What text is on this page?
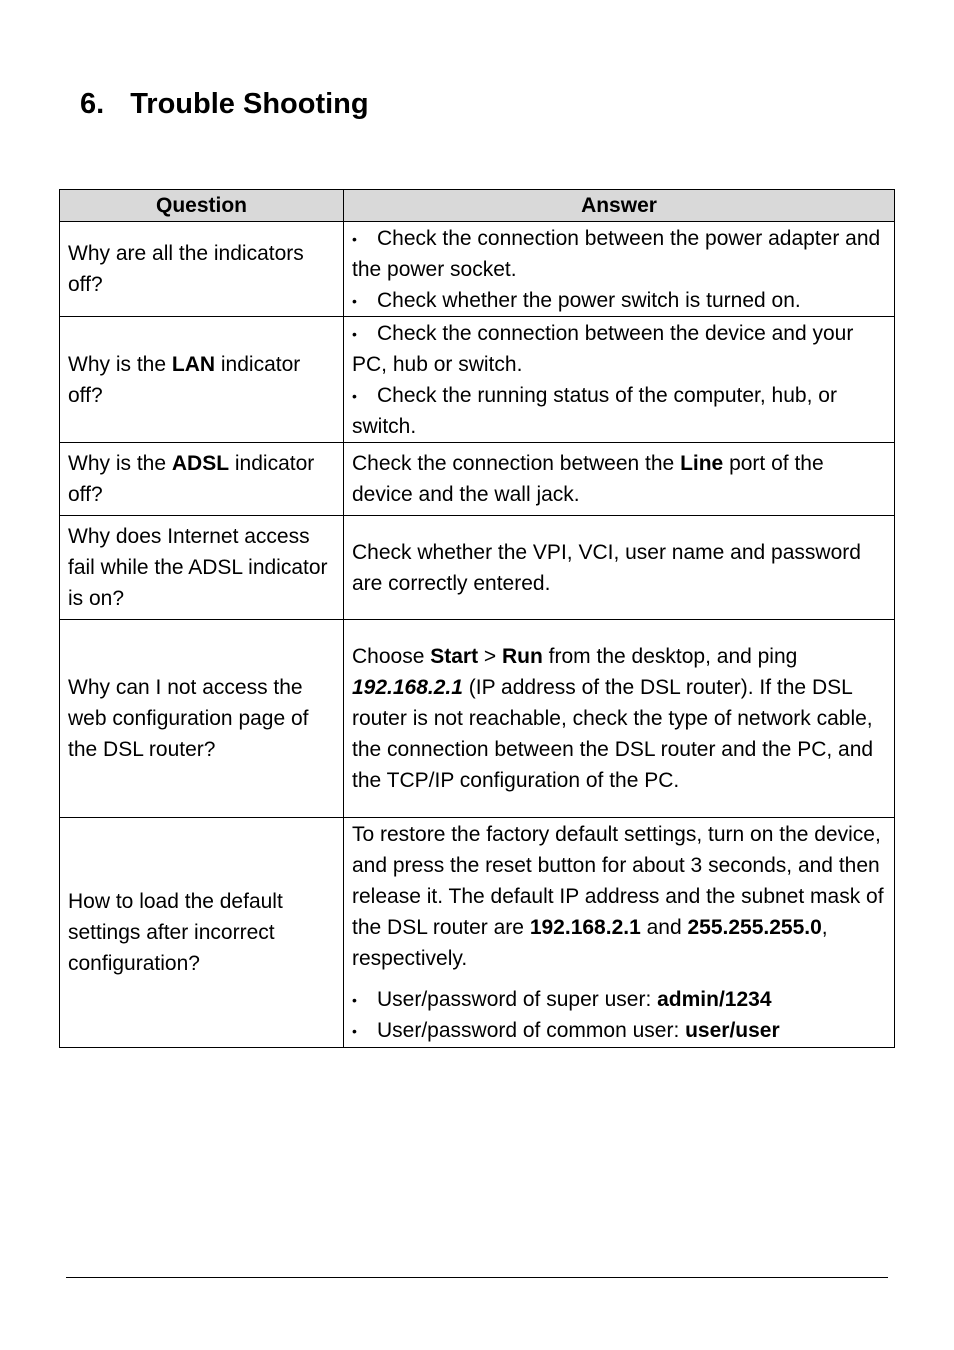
6. Trouble Shooting
Question	Answer
Why are all the indicators off?	• Check the connection between the power adapter and the power socket.
• Check whether the power switch is turned on.

Why is the LAN indicator off?	• Check the connection between the device and your PC, hub or switch.
• Check the running status of the computer, hub, or switch.

Why is the ADSL indicator off?	Check the connection between the Line port of the device and the wall jack.
Why does Internet access fail while the ADSL indicator is on?	Check whether the VPI, VCI, user name and password are correctly entered.
Why can I not access the web configuration page of the DSL router?	Choose Start > Run from the desktop, and ping 192.168.2.1 (IP address of the DSL router). If the DSL router is not reachable, check the type of network cable, the connection between the DSL router and the PC, and the TCP/IP configuration of the PC.
How to load the default settings after incorrect configuration?	To restore the factory default settings, turn on the device, and press the reset button for about 3 seconds, and then release it. The default IP address and the subnet mask of the DSL router are 192.168.2.1 and 255.255.255.0, respectively.
• User/password of super user: admin/1234
• User/password of common user: user/user
